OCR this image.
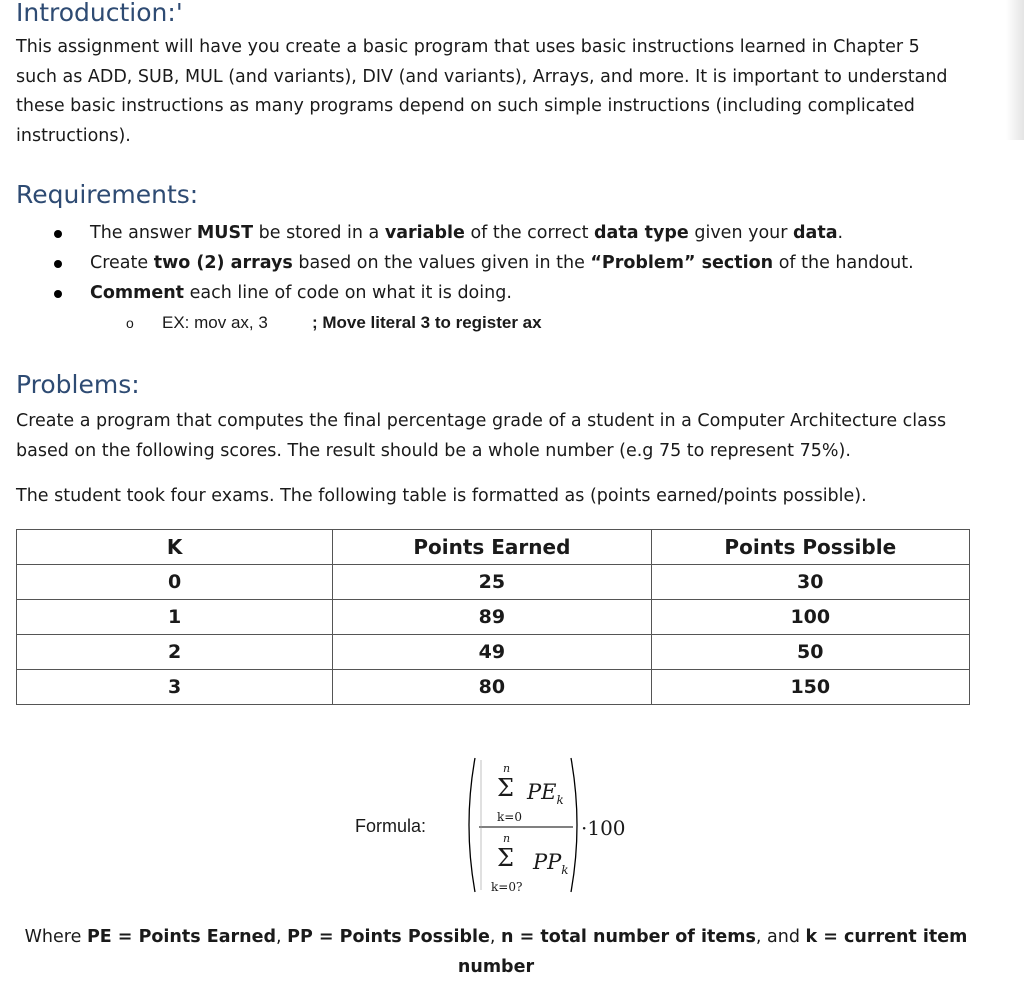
Introduction:'
This assignment will have you create a basic program that uses basic instructions learned in Chapter 5 such as ADD, SUB, MUL (and variants), DIV (and variants), Arrays, and more. It is important to understand these basic instructions as many programs depend on such simple instructions (including complicated instructions).
Requirements:
The answer MUST be stored in a variable of the correct data type given your data.
Create two (2) arrays based on the values given in the “Problem” section of the handout.
Comment each line of code on what it is doing.
o EX: mov ax, 3	; Move literal 3 to register ax
Problems:
Create a program that computes the final percentage grade of a student in a Computer Architecture class based on the following scores. The result should be a whole number (e.g 75 to represent 75%).
The student took four exams. The following table is formatted as (points earned/points possible).
K	Points Earned	Points Possible
0	25	30
1	89	100
2	49	50
3	80	150
Formula:
n
Σ $PE_k$
k=0
n
Σ $PP_k$
k=0?
·100
Where PE = Points Earned, PP = Points Possible, n = total number of items, and k = current item number
